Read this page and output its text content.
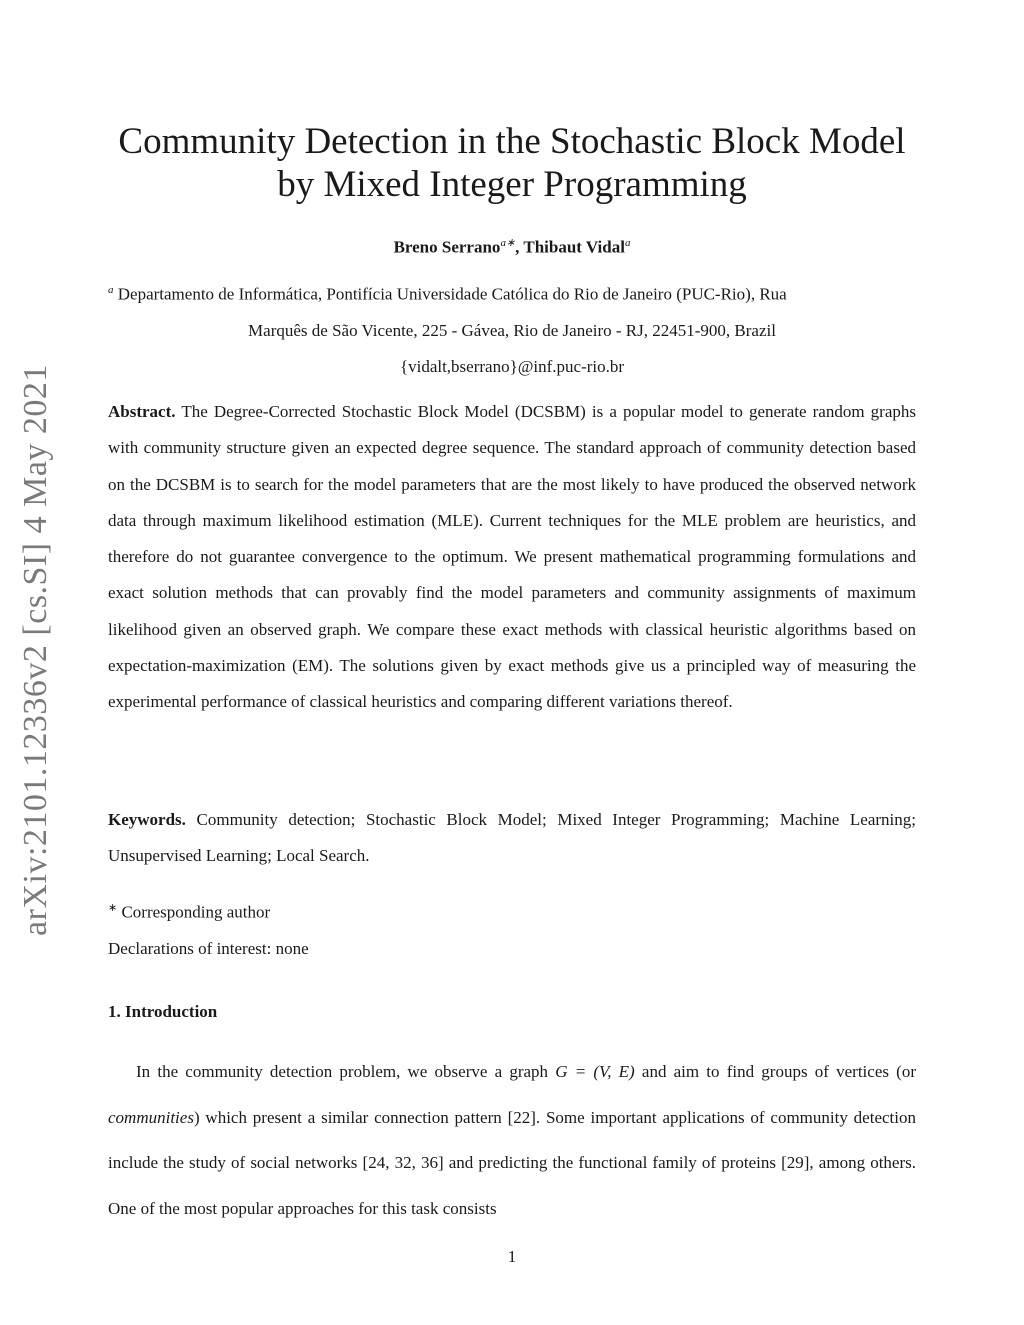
arXiv:2101.12336v2 [cs.SI] 4 May 2021
Community Detection in the Stochastic Block Model
by Mixed Integer Programming
Breno Serrano$^{a∗}$, Thibaut Vidal$^a$

$^a$ Departamento de Informática, Pontifícia Universidade Católica do Rio de Janeiro (PUC-Rio), Rua

Marquês de São Vicente, 225 - Gávea, Rio de Janeiro - RJ, 22451-900, Brazil

{vidalt,bserrano}@inf.puc-rio.br

Abstract. The Degree-Corrected Stochastic Block Model (DCSBM) is a popular model to generate random graphs with community structure given an expected degree sequence. The standard approach of community detection based on the DCSBM is to search for the model parameters that are the most likely to have produced the observed network data through maximum likelihood estimation (MLE). Current techniques for the MLE problem are heuristics, and therefore do not guarantee convergence to the optimum. We present mathematical programming formulations and exact solution methods that can provably find the model parameters and community assignments of maximum likelihood given an observed graph. We compare these exact methods with classical heuristic algorithms based on expectation-maximization (EM). The solutions given by exact methods give us a principled way of measuring the experimental performance of classical heuristics and comparing different variations thereof.

Keywords. Community detection; Stochastic Block Model; Mixed Integer Programming; Machine Learning; Unsupervised Learning; Local Search.

∗ Corresponding author

Declarations of interest: none

1. Introduction

In the community detection problem, we observe a graph G = (V, E) and aim to find groups of vertices (or communities) which present a similar connection pattern [22]. Some important applications of community detection include the study of social networks [24, 32, 36] and predicting the functional family of proteins [29], among others. One of the most popular approaches for this task consists

1
